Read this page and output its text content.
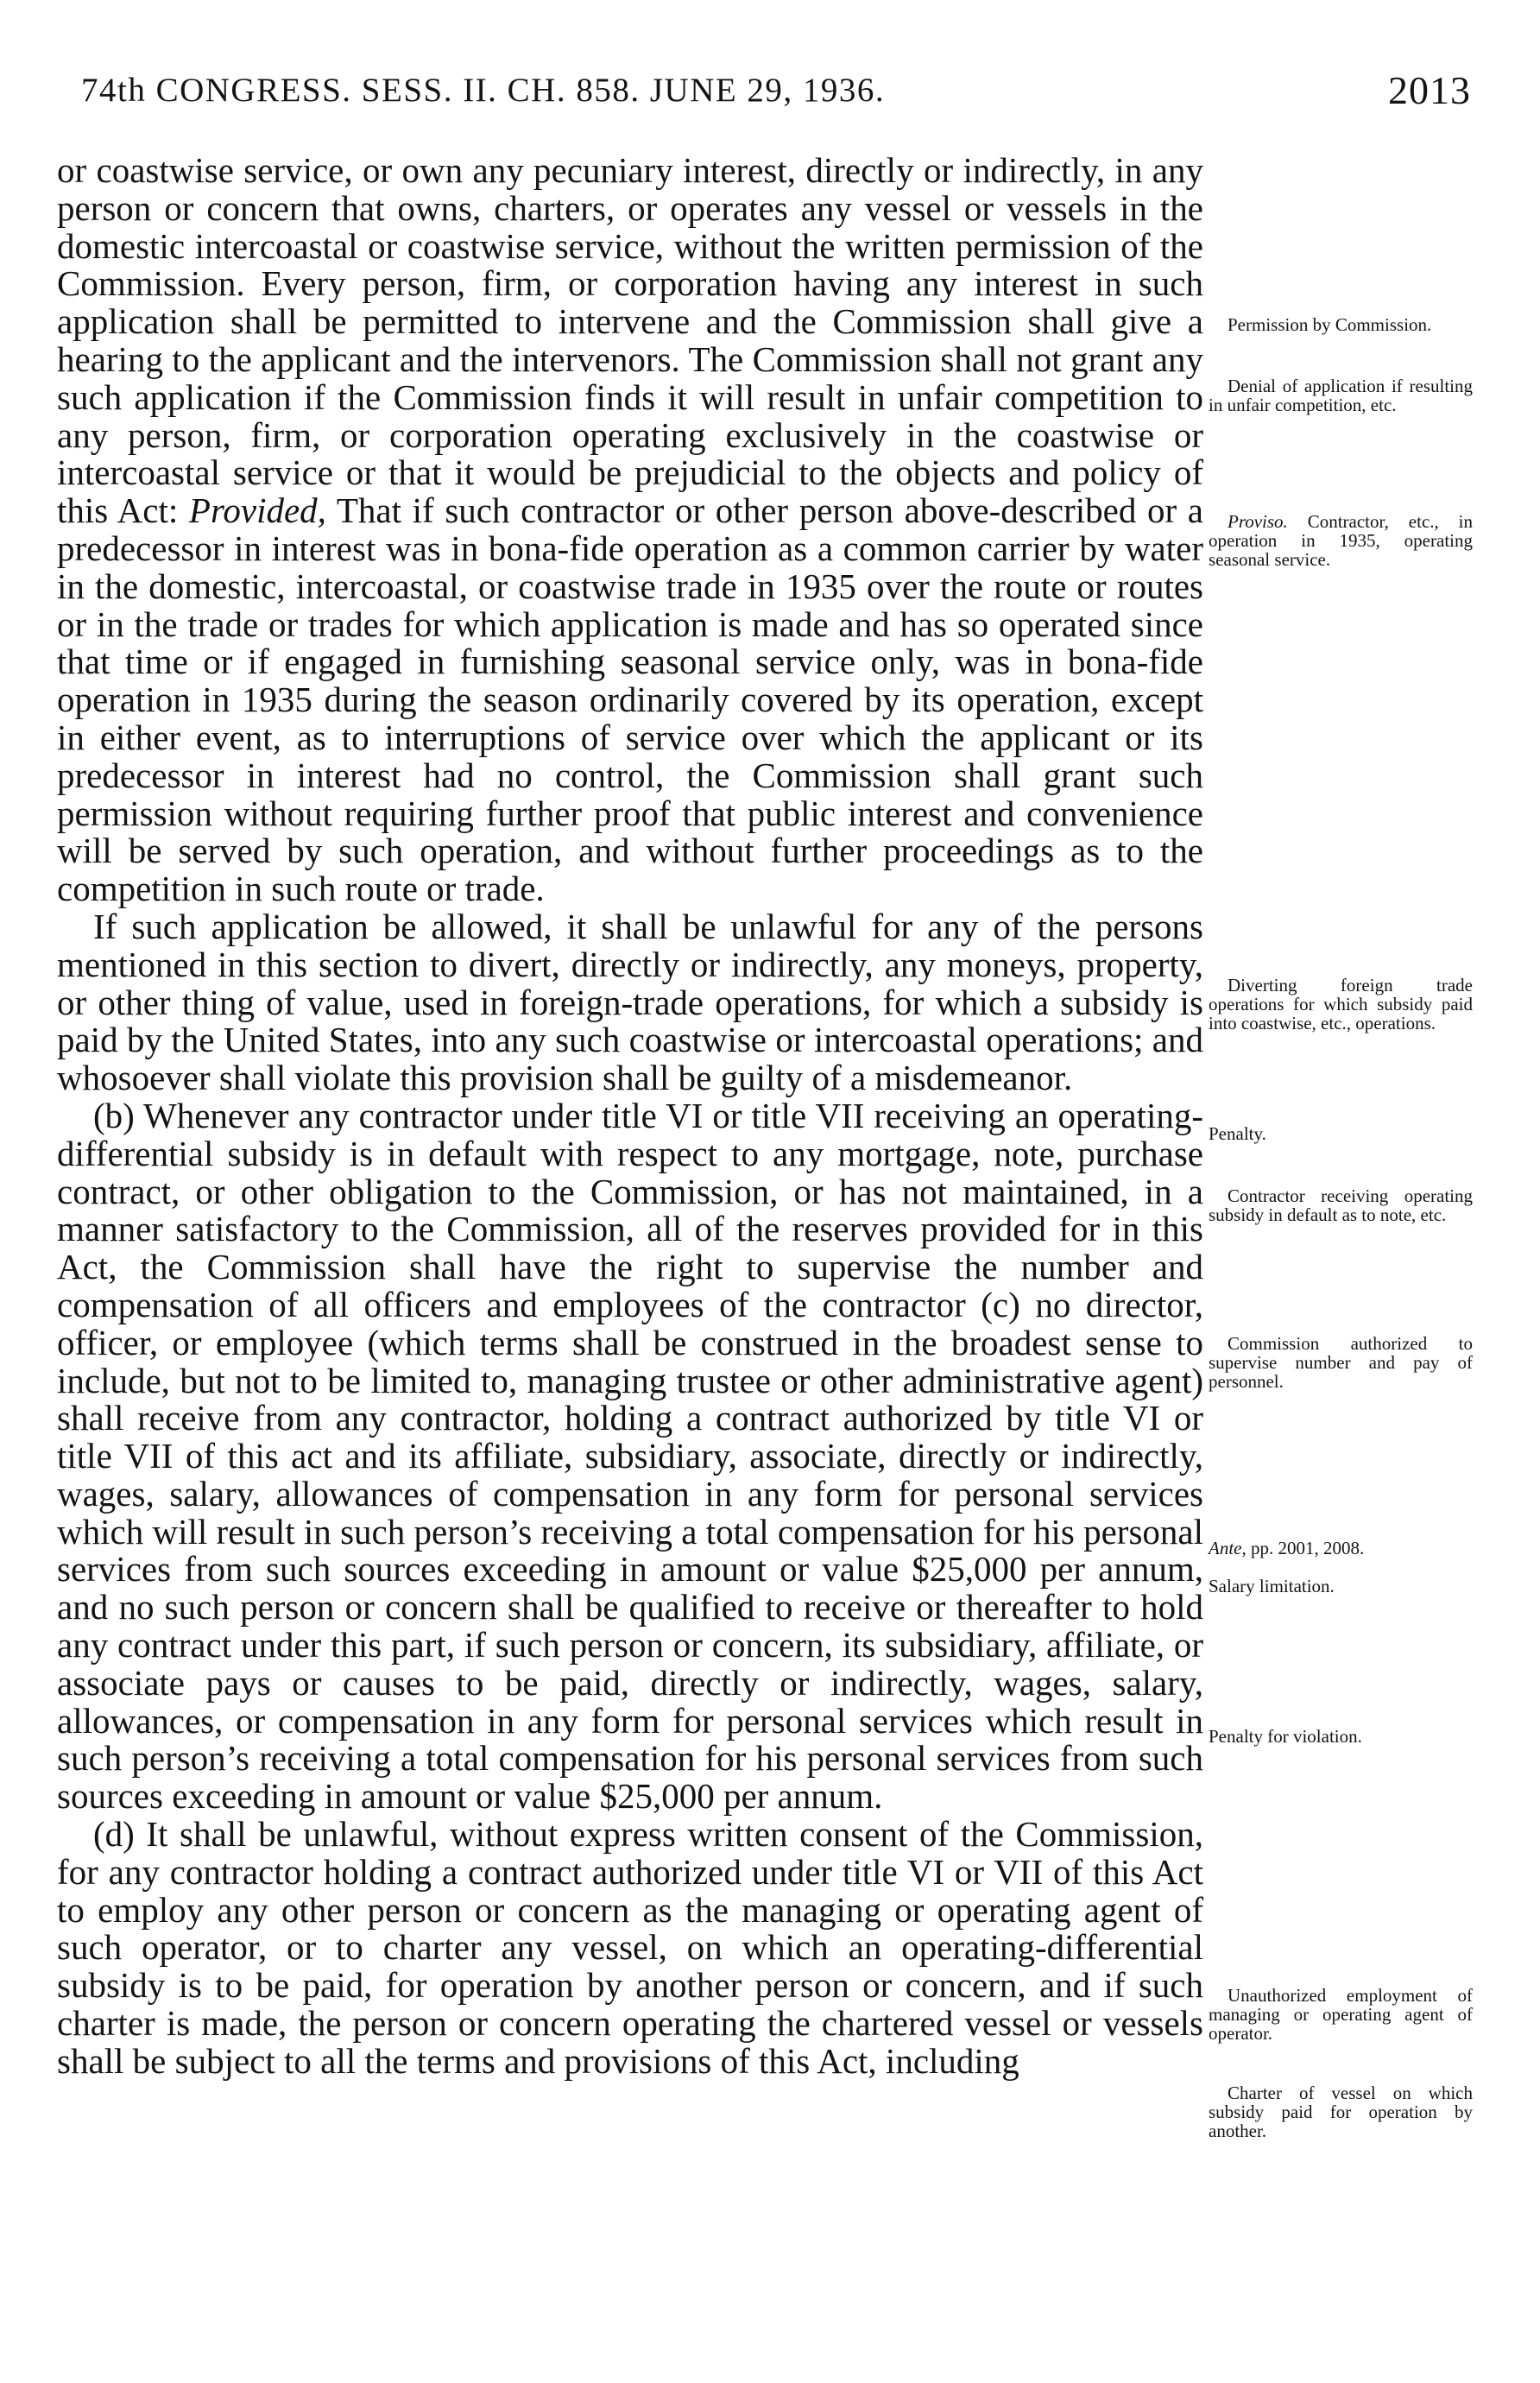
74th CONGRESS. SESS. II. CH. 858. JUNE 29, 1936.	2013

or coastwise service, or own any pecuniary interest, directly or indirectly, in any person or concern that owns, charters, or operates any vessel or vessels in the domestic intercoastal or coastwise service, without the written permission of the Commission. Every person, firm, or corporation having any interest in such application shall be permitted to intervene and the Commission shall give a hearing to the applicant and the intervenors. The Commission shall not grant any such application if the Commission finds it will result in unfair competition to any person, firm, or corporation operating exclusively in the coastwise or intercoastal service or that it would be prejudicial to the objects and policy of this Act: Provided, That if such contractor or other person above-described or a predecessor in interest was in bona-fide operation as a common carrier by water in the domestic, intercoastal, or coastwise trade in 1935 over the route or routes or in the trade or trades for which application is made and has so operated since that time or if engaged in furnishing seasonal service only, was in bona-fide operation in 1935 during the season ordinarily covered by its operation, except in either event, as to interruptions of service over which the applicant or its predecessor in interest had no control, the Commission shall grant such permission without requiring further proof that public interest and convenience will be served by such operation, and without further proceedings as to the competition in such route or trade.

If such application be allowed, it shall be unlawful for any of the persons mentioned in this section to divert, directly or indirectly, any moneys, property, or other thing of value, used in foreign-trade operations, for which a subsidy is paid by the United States, into any such coastwise or intercoastal operations; and whosoever shall violate this provision shall be guilty of a misdemeanor.

(b) Whenever any contractor under title VI or title VII receiving an operating-differential subsidy is in default with respect to any mortgage, note, purchase contract, or other obligation to the Commission, or has not maintained, in a manner satisfactory to the Commission, all of the reserves provided for in this Act, the Commission shall have the right to supervise the number and compensation of all officers and employees of the contractor (c) no director, officer, or employee (which terms shall be construed in the broadest sense to include, but not to be limited to, managing trustee or other administrative agent) shall receive from any contractor, holding a contract authorized by title VI or title VII of this act and its affiliate, subsidiary, associate, directly or indirectly, wages, salary, allowances of compensation in any form for personal services which will result in such person’s receiving a total compensation for his personal services from such sources exceeding in amount or value $25,000 per annum, and no such person or concern shall be qualified to receive or thereafter to hold any contract under this part, if such person or concern, its subsidiary, affiliate, or associate pays or causes to be paid, directly or indirectly, wages, salary, allowances, or compensation in any form for personal services which result in such person’s receiving a total compensation for his personal services from such sources exceeding in amount or value $25,000 per annum.

(d) It shall be unlawful, without express written consent of the Commission, for any contractor holding a contract authorized under title VI or VII of this Act to employ any other person or concern as the managing or operating agent of such operator, or to charter any vessel, on which an operating-differential subsidy is to be paid, for operation by another person or concern, and if such charter is made, the person or concern operating the chartered vessel or vessels shall be subject to all the terms and provisions of this Act, including

Permission by Commission.
Denial of application if resulting in unfair competition, etc.
Proviso. Contractor, etc., in operation in 1935, operating seasonal service.
Diverting foreign trade operations for which subsidy paid into coastwise, etc., operations.
Penalty.
Contractor receiving operating subsidy in default as to note, etc.
Commission authorized to supervise number and pay of personnel.
Ante, pp. 2001, 2008.
Salary limitation.
Penalty for violation.
Unauthorized employment of managing or operating agent of operator.
Charter of vessel on which subsidy paid for operation by another.
